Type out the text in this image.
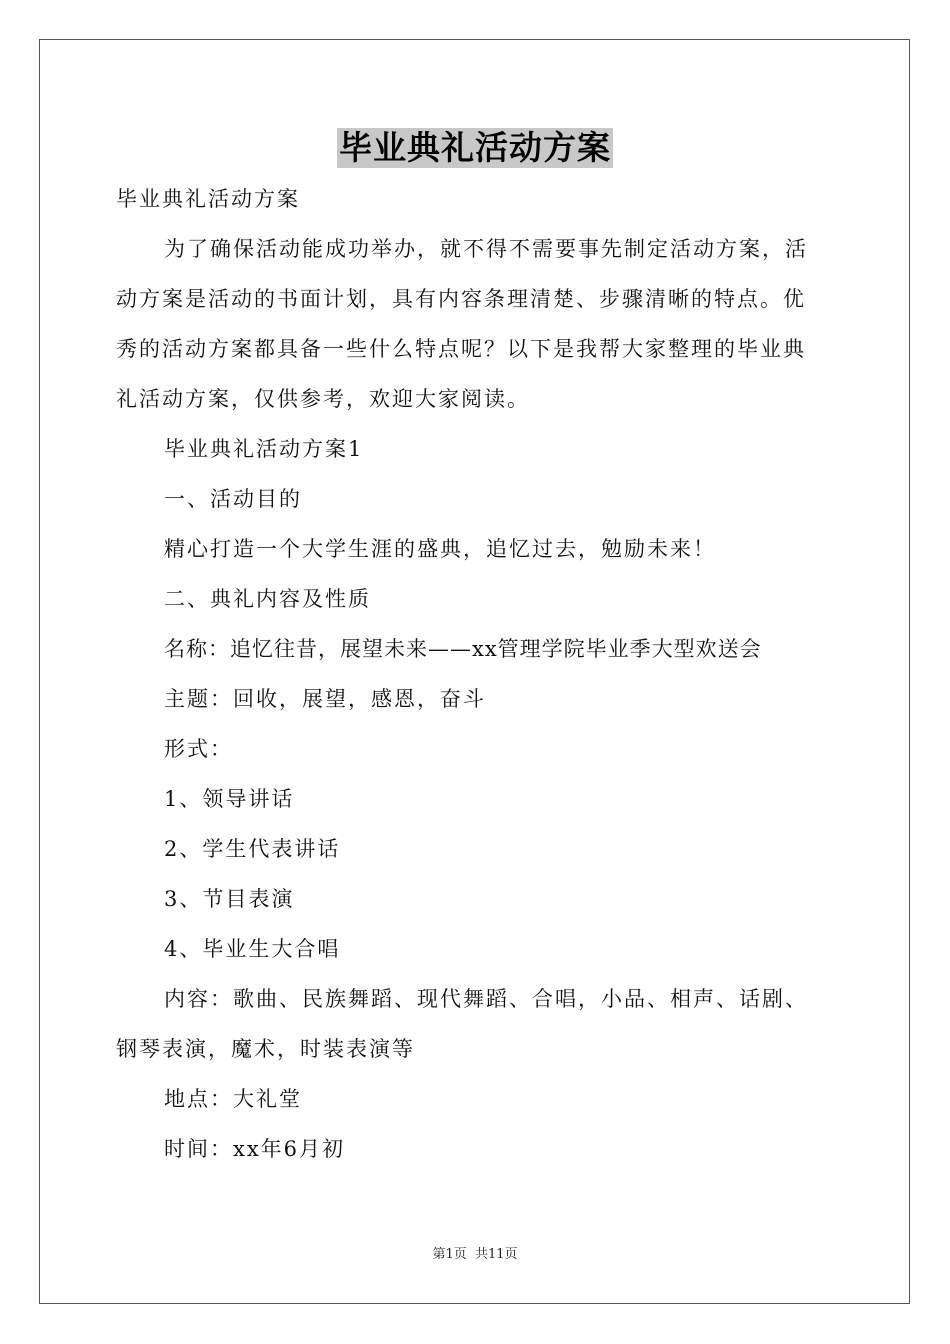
毕业典礼活动方案
毕业典礼活动方案
为了确保活动能成功举办，就不得不需要事先制定活动方案，活
动方案是活动的书面计划，具有内容条理清楚、步骤清晰的特点。优
秀的活动方案都具备一些什么特点呢？以下是我帮大家整理的毕业典
礼活动方案，仅供参考，欢迎大家阅读。
毕业典礼活动方案1
一、活动目的
精心打造一个大学生涯的盛典，追忆过去，勉励未来！
二、典礼内容及性质
名称：追忆往昔，展望未来——xx管理学院毕业季大型欢送会
主题：回收，展望，感恩，奋斗
形式：
1、领导讲话
2、学生代表讲话
3、节目表演
4、毕业生大合唱
内容：歌曲、民族舞蹈、现代舞蹈、合唱，小品、相声、话剧、
钢琴表演，魔术，时装表演等
地点：大礼堂
时间：xx年6月初
第1页 共11页
